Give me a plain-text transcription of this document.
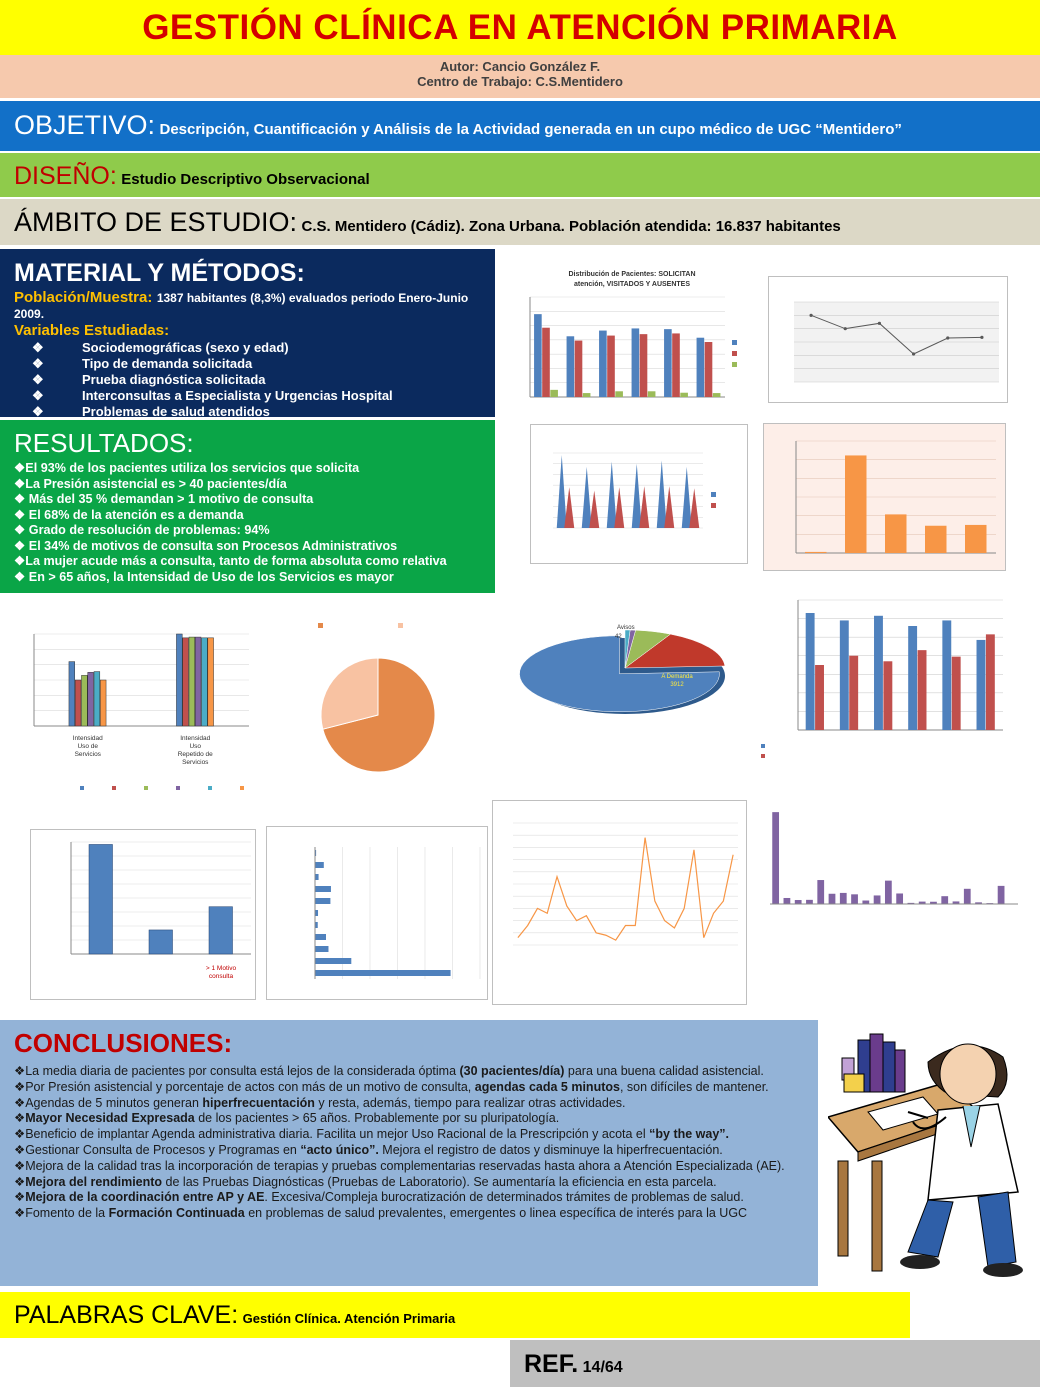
GESTIÓN CLÍNICA EN ATENCIÓN PRIMARIA
Autor: Cancio González F.
Centro de Trabajo: C.S.Mentidero
OBJETIVO: Descripción, Cuantificación y Análisis de la Actividad generada en un cupo médico de UGC “Mentidero”
DISEÑO: Estudio Descriptivo Observacional
ÁMBITO DE ESTUDIO: C.S. Mentidero (Cádiz). Zona Urbana. Población atendida: 16.837 habitantes
MATERIAL Y MÉTODOS:
Población/Muestra: 1387 habitantes (8,3%) evaluados periodo Enero-Junio 2009.
Variables Estudiadas:
❖	Sociodemográficas (sexo y edad)
❖	Tipo de demanda solicitada
❖	Prueba diagnóstica solicitada
❖	Interconsultas a Especialista y Urgencias Hospital
❖	Problemas de salud atendidos
RESULTADOS:
❖El 93% de los pacientes utiliza los servicios que solicita
❖La Presión asistencial es > 40 pacientes/día
❖ Más del 35 % demandan > 1 motivo de consulta
❖ El 68% de la atención es a demanda
❖ Grado de resolución de problemas: 94%
❖ El 34% de motivos de consulta son Procesos Administrativos
❖La mujer acude más a consulta, tanto de forma absoluta como relativa
❖ En > 65 años, la Intensidad de Uso de los Servicios es mayor
Distribución de Pacientes: SOLICITAN
atención, VISITADOS Y AUSENTES
Intensidad
Uso de
Servicios
Intensidad
Uso
Repetido de
Servicios
A Demanda
3912
Avisos
42
> 1 Motivo
consulta
CONCLUSIONES:
❖La media diaria de pacientes por consulta está lejos de la considerada óptima (30 pacientes/día) para una buena calidad asistencial.
❖Por Presión asistencial y porcentaje de actos con más de un motivo de consulta, agendas cada 5 minutos, son difíciles de mantener.
❖Agendas de 5 minutos generan hiperfrecuentación y resta, además, tiempo para realizar otras actividades.
❖Mayor Necesidad Expresada de los pacientes > 65 años. Probablemente por su pluripatología.
❖Beneficio de implantar Agenda administrativa diaria. Facilita un mejor Uso Racional de la Prescripción y acota el “by the way”.
❖Gestionar Consulta de Procesos y Programas en “acto único”. Mejora el registro de datos y disminuye la hiperfrecuentación.
❖Mejora de la calidad tras la incorporación de terapias y pruebas complementarias reservadas hasta ahora a Atención Especializada (AE).
❖Mejora del rendimiento de las Pruebas Diagnósticas (Pruebas de Laboratorio). Se aumentaría la eficiencia en esta parcela.
❖Mejora de la coordinación entre AP y AE. Excesiva/Compleja burocratización de determinados trámites de problemas de salud.
❖Fomento de la Formación Continuada en problemas de salud prevalentes, emergentes o linea específica de interés para la UGC
PALABRAS CLAVE: Gestión Clínica. Atención Primaria
REF. 14/64
